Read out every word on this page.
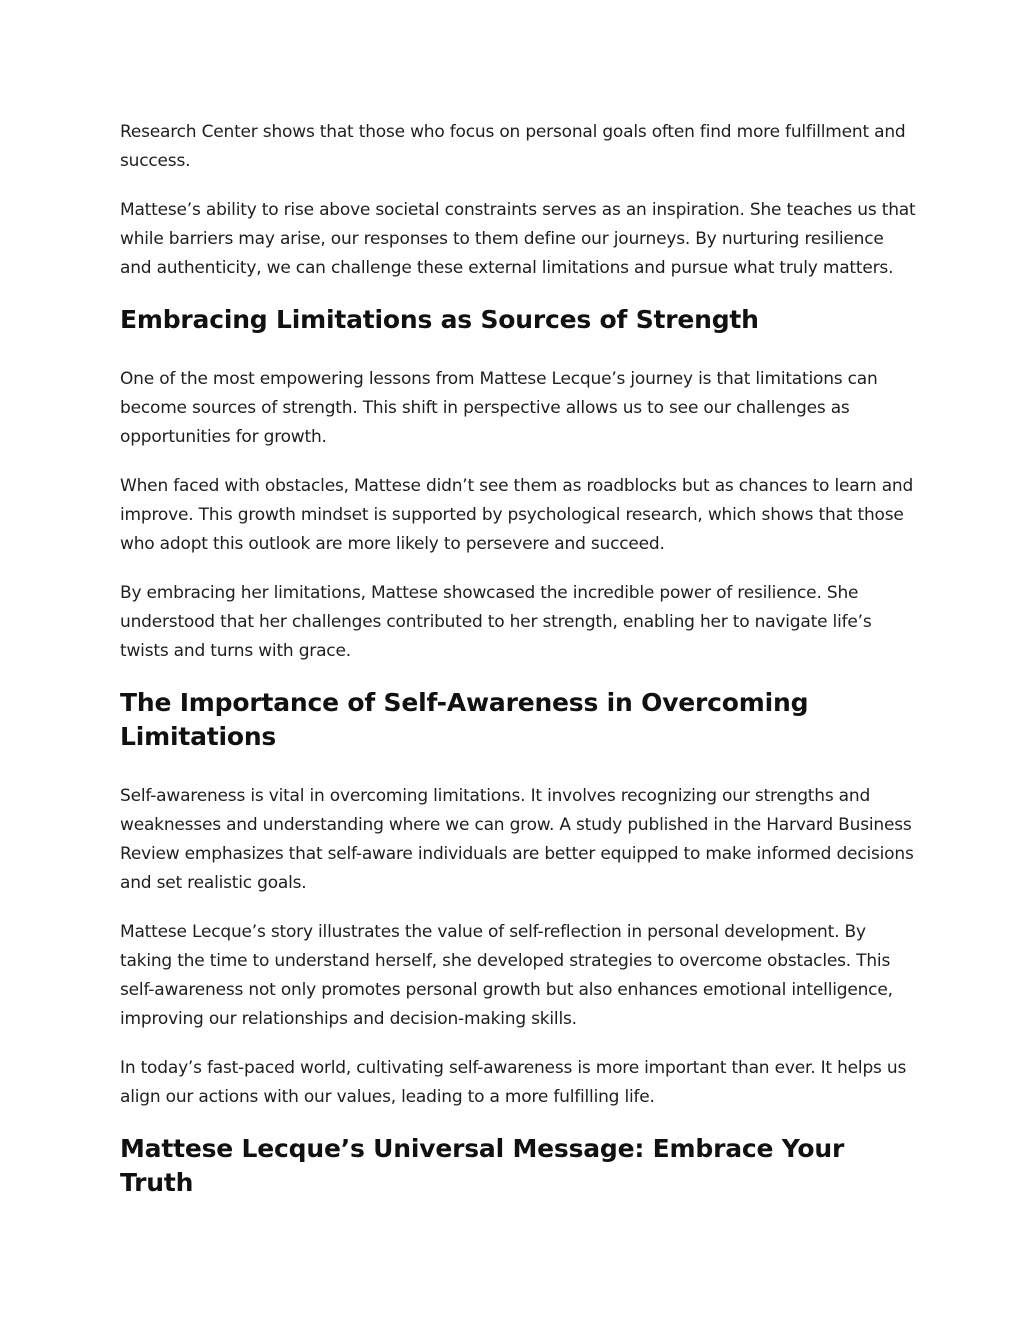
Research Center shows that those who focus on personal goals often find more fulfillment and success.

Mattese’s ability to rise above societal constraints serves as an inspiration. She teaches us that while barriers may arise, our responses to them define our journeys. By nurturing resilience and authenticity, we can challenge these external limitations and pursue what truly matters.

Embracing Limitations as Sources of Strength

One of the most empowering lessons from Mattese Lecque’s journey is that limitations can become sources of strength. This shift in perspective allows us to see our challenges as opportunities for growth.

When faced with obstacles, Mattese didn’t see them as roadblocks but as chances to learn and improve. This growth mindset is supported by psychological research, which shows that those who adopt this outlook are more likely to persevere and succeed.

By embracing her limitations, Mattese showcased the incredible power of resilience. She understood that her challenges contributed to her strength, enabling her to navigate life’s twists and turns with grace.

The Importance of Self-Awareness in Overcoming Limitations

Self-awareness is vital in overcoming limitations. It involves recognizing our strengths and weaknesses and understanding where we can grow. A study published in the Harvard Business Review emphasizes that self-aware individuals are better equipped to make informed decisions and set realistic goals.

Mattese Lecque’s story illustrates the value of self-reflection in personal development. By taking the time to understand herself, she developed strategies to overcome obstacles. This self-awareness not only promotes personal growth but also enhances emotional intelligence, improving our relationships and decision-making skills.

In today’s fast-paced world, cultivating self-awareness is more important than ever. It helps us align our actions with our values, leading to a more fulfilling life.

Mattese Lecque’s Universal Message: Embrace Your Truth
